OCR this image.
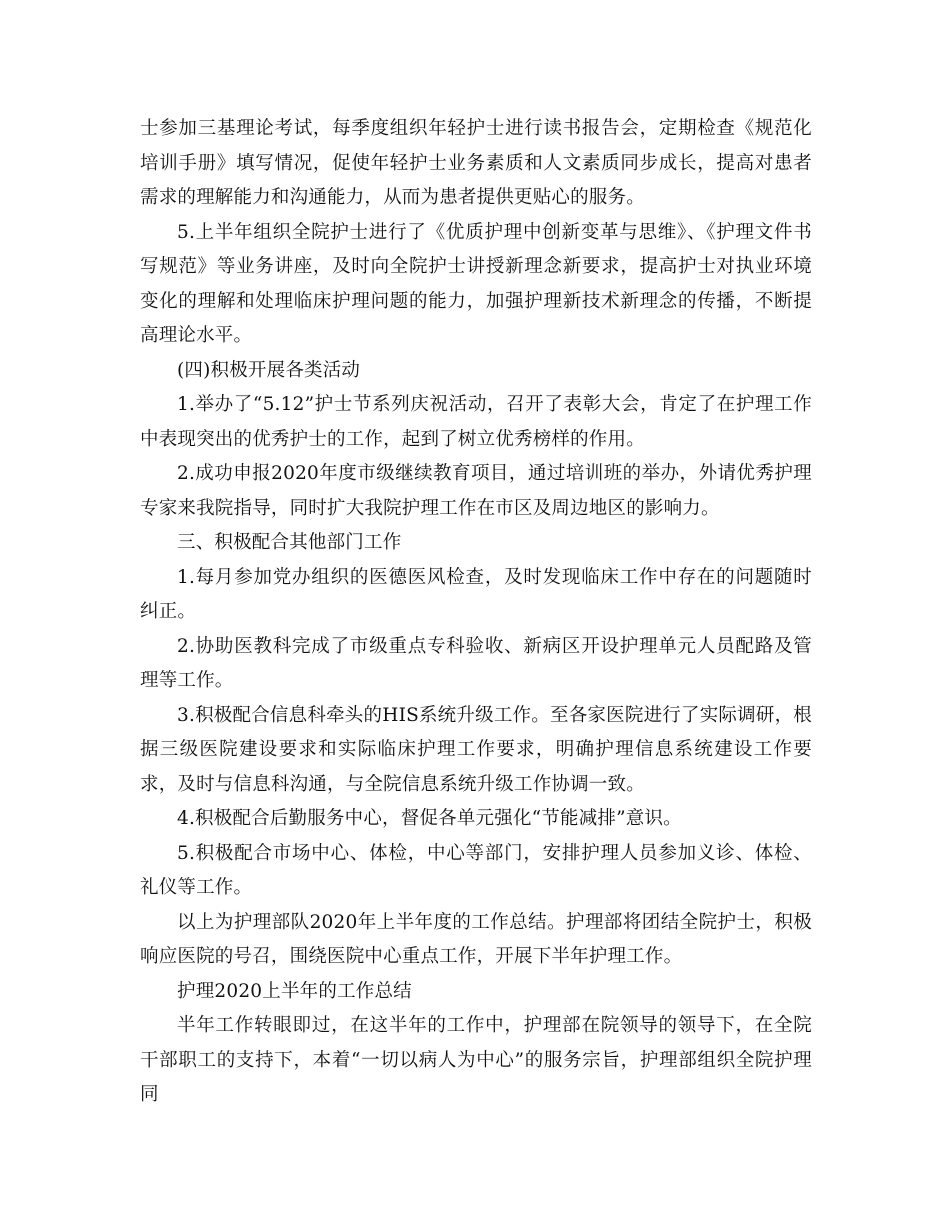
士参加三基理论考试，每季度组织年轻护士进行读书报告会，定期检查《规范化培训手册》填写情况，促使年轻护士业务素质和人文素质同步成长，提高对患者需求的理解能力和沟通能力，从而为患者提供更贴心的服务。

5.上半年组织全院护士进行了《优质护理中创新变革与思维》、《护理文件书写规范》等业务讲座，及时向全院护士讲授新理念新要求，提高护士对执业环境变化的理解和处理临床护理问题的能力，加强护理新技术新理念的传播，不断提高理论水平。

(四)积极开展各类活动

1.举办了“5.12”护士节系列庆祝活动，召开了表彰大会，肯定了在护理工作中表现突出的优秀护士的工作，起到了树立优秀榜样的作用。

2.成功申报2020年度市级继续教育项目，通过培训班的举办，外请优秀护理专家来我院指导，同时扩大我院护理工作在市区及周边地区的影响力。

三、积极配合其他部门工作

1.每月参加党办组织的医德医风检查，及时发现临床工作中存在的问题随时纠正。

2.协助医教科完成了市级重点专科验收、新病区开设护理单元人员配路及管理等工作。

3.积极配合信息科牵头的HIS系统升级工作。至各家医院进行了实际调研，根据三级医院建设要求和实际临床护理工作要求，明确护理信息系统建设工作要求，及时与信息科沟通，与全院信息系统升级工作协调一致。

4.积极配合后勤服务中心，督促各单元强化“节能减排”意识。

5.积极配合市场中心、体检，中心等部门，安排护理人员参加义诊、体检、礼仪等工作。

以上为护理部队2020年上半年度的工作总结。护理部将团结全院护士，积极响应医院的号召，围绕医院中心重点工作，开展下半年护理工作。

护理2020上半年的工作总结

半年工作转眼即过，在这半年的工作中，护理部在院领导的领导下，在全院干部职工的支持下，本着“一切以病人为中心”的服务宗旨，护理部组织全院护理同
